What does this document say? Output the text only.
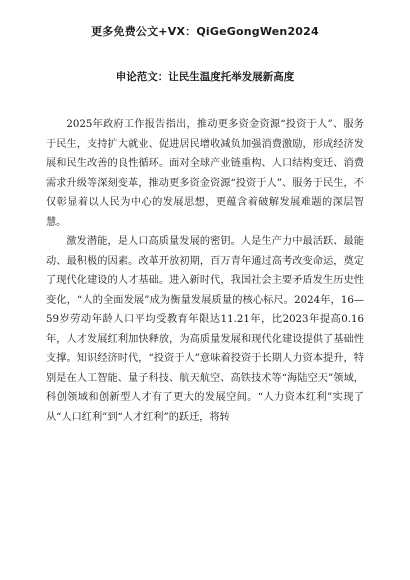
更多免费公文+VX：QiGeGongWen2024
申论范文：让民生温度托举发展新高度

2025年政府工作报告指出，推动更多资金资源“投资于人”、服务于民生，支持扩大就业、促进居民增收减负加强消费激励，形成经济发展和民生改善的良性循环。面对全球产业链重构、人口结构变迁、消费需求升级等深刻变革，推动更多资金资源“投资于人”、服务于民生，不仅彰显着以人民为中心的发展思想，更蕴含着破解发展难题的深层智慧。

激发潜能，是人口高质量发展的密钥。人是生产力中最活跃、最能动、最积极的因素。改革开放初期，百万青年通过高考改变命运，奠定了现代化建设的人才基础。进入新时代，我国社会主要矛盾发生历史性变化，“人的全面发展”成为衡量发展质量的核心标尺。2024年，16—59岁劳动年龄人口平均受教育年限达11.21年，比2023年提高0.16年，人才发展红利加快释放，为高质量发展和现代化建设提供了基础性支撑。知识经济时代，“投资于人”意味着投资于长期人力资本提升，特别是在人工智能、量子科技、航天航空、高铁技术等“海陆空天”领域，科创领域和创新型人才有了更大的发展空间。“人力资本红利”实现了从“人口红利”到“人才红利”的跃迁，将转
